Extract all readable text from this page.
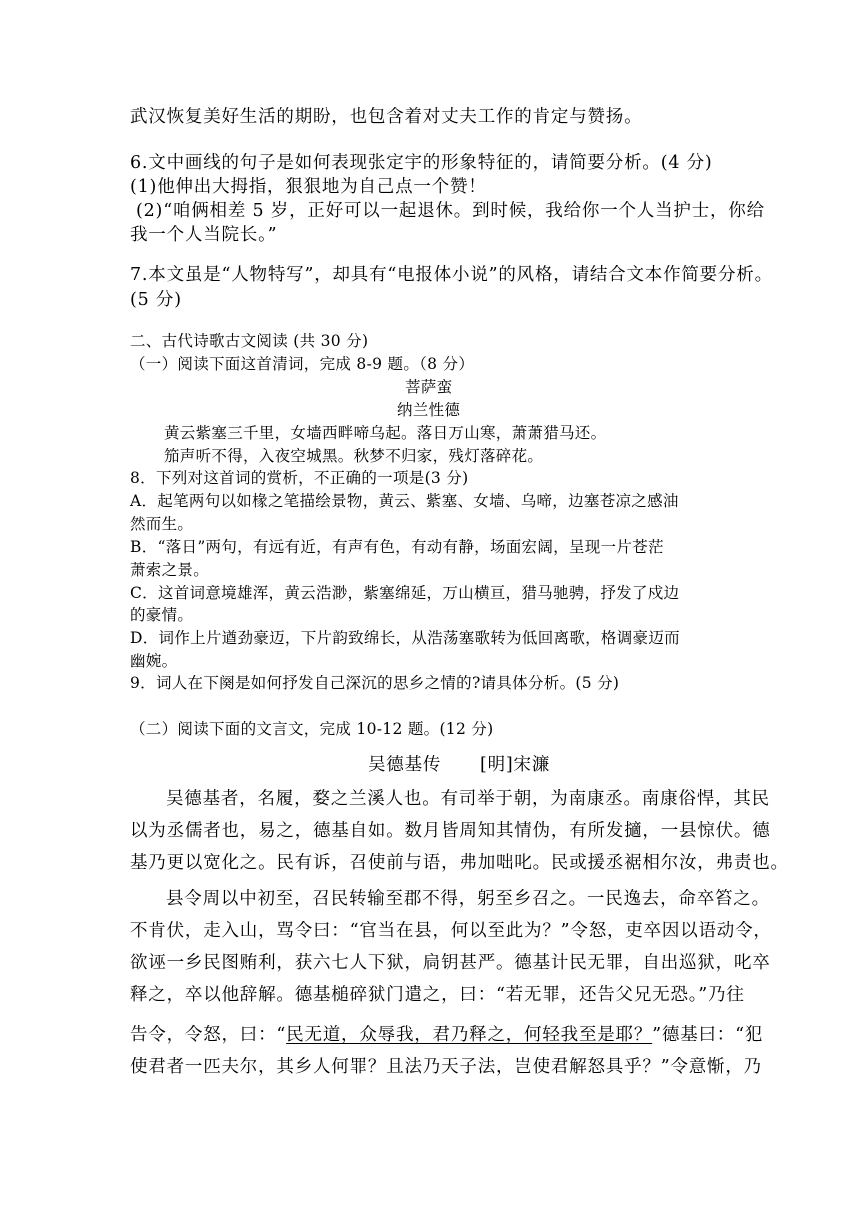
武汉恢复美好生活的期盼，也包含着对丈夫工作的肯定与赞扬。

6.文中画线的句子是如何表现张定宇的形象特征的，请简要分析。(4 分)

(1)他伸出大拇指，狠狠地为自己点一个赞！

(2)“咱俩相差 5 岁，正好可以一起退休。到时候，我给你一个人当护士，你给

我一个人当院长。”

7.本文虽是“人物特写”，却具有“电报体小说”的风格，请结合文本作简要分析。

(5 分)

二、古代诗歌古文阅读 (共 30 分)

（一）阅读下面这首清词，完成 8-9 题。（8 分）

菩萨蛮

纳兰性德

黄云紫塞三千里，女墙西畔啼乌起。落日万山寒，萧萧猎马还。

笳声听不得，入夜空城黑。秋梦不归家，残灯落碎花。

8．下列对这首词的赏析，不正确的一项是(3 分)

A．起笔两句以如椽之笔描绘景物，黄云、紫塞、女墙、乌啼，边塞苍凉之感油

然而生。

B．“落日”两句，有远有近，有声有色，有动有静，场面宏阔，呈现一片苍茫

萧索之景。

C．这首词意境雄浑，黄云浩渺，紫塞绵延，万山横亘，猎马驰骋，抒发了戍边

的豪情。

D．词作上片遒劲豪迈，下片韵致绵长，从浩荡塞歌转为低回离歌，格调豪迈而

幽婉。

9．词人在下阕是如何抒发自己深沉的思乡之情的?请具体分析。(5 分)

（二）阅读下面的文言文，完成 10-12 题。(12 分)

吴德基传 [明]宋濂

吴德基者，名履，婺之兰溪人也。有司举于朝，为南康丞。南康俗悍，其民

以为丞儒者也，易之，德基自如。数月皆周知其情伪，有所发擿，一县惊伏。德

基乃更以宽化之。民有诉，召使前与语，弗加咄叱。民或援丞裾相尔汝，弗责也。

县令周以中初至，召民转输至郡不得，躬至乡召之。一民逸去，命卒笞之。

不肯伏，走入山，骂令曰：“官当在县，何以至此为？”令怒，吏卒因以语动令，

欲诬一乡民图贿利，获六七人下狱，扃钥甚严。德基计民无罪，自出巡狱，叱卒

释之，卒以他辞解。德基槌碎狱门遣之，曰：“若无罪，还告父兄无恐。”乃往

告令，令怒，曰：“民无道，众辱我，君乃释之，何轻我至是耶？”德基曰：“犯

使君者一匹夫尔，其乡人何罪？且法乃天子法，岂使君解怒具乎？”令意惭，乃
